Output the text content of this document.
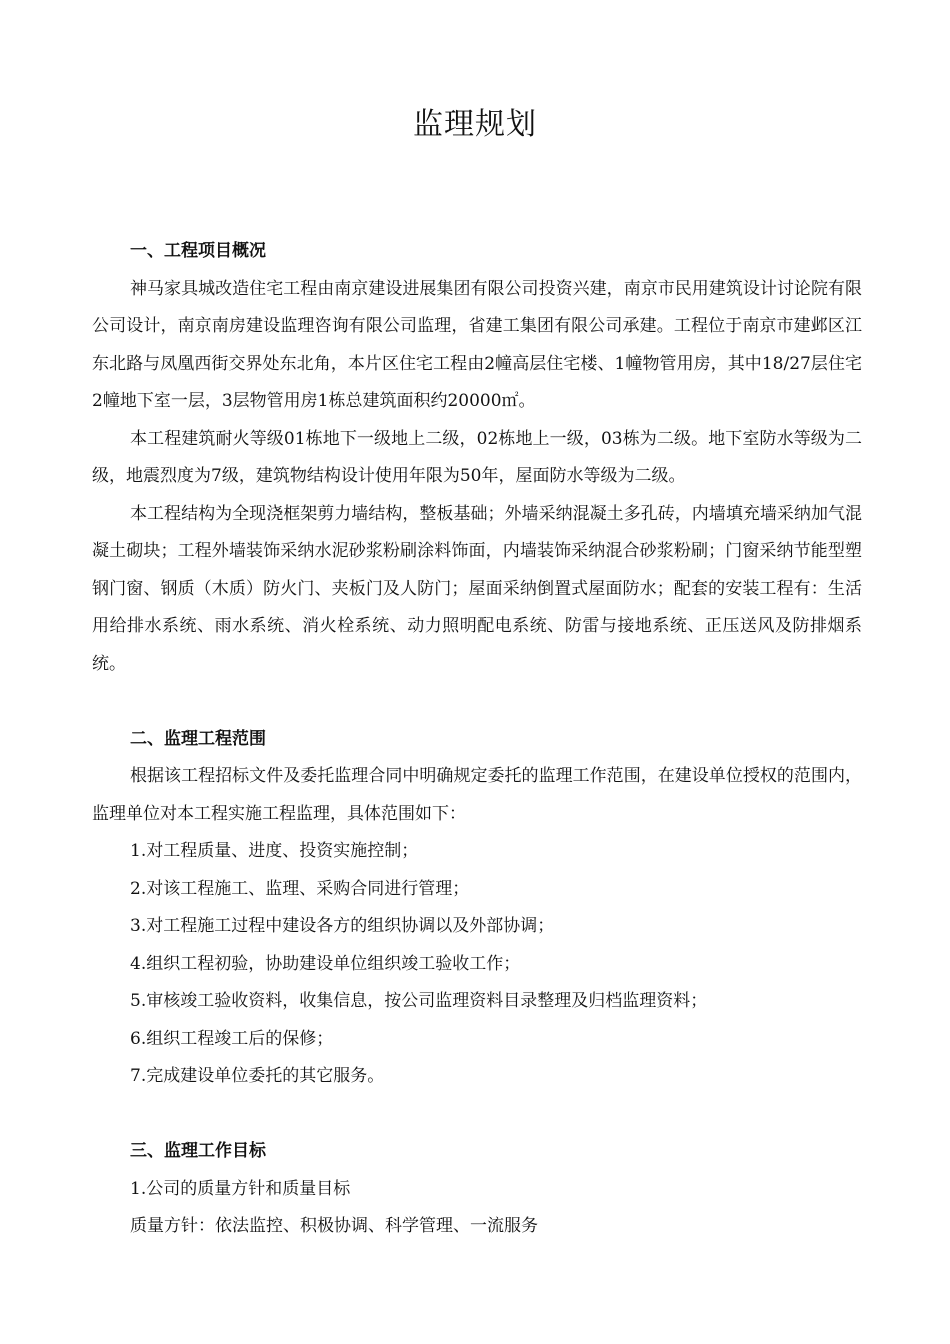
监理规划

一、工程项目概况

神马家具城改造住宅工程由南京建设进展集团有限公司投资兴建，南京市民用建筑设计讨论院有限公司设计，南京南房建设监理咨询有限公司监理，省建工集团有限公司承建。工程位于南京市建邺区江东北路与凤凰西街交界处东北角，本片区住宅工程由2幢高层住宅楼、1幢物管用房，其中18/27层住宅2幢地下室一层，3层物管用房1栋总建筑面积约20000㎡。

本工程建筑耐火等级01栋地下一级地上二级，02栋地上一级，03栋为二级。地下室防水等级为二级，地震烈度为7级，建筑物结构设计使用年限为50年，屋面防水等级为二级。

本工程结构为全现浇框架剪力墙结构，整板基础；外墙采纳混凝土多孔砖，内墙填充墙采纳加气混凝土砌块；工程外墙装饰采纳水泥砂浆粉刷涂料饰面，内墙装饰采纳混合砂浆粉刷；门窗采纳节能型塑钢门窗、钢质（木质）防火门、夹板门及人防门；屋面采纳倒置式屋面防水；配套的安装工程有：生活用给排水系统、雨水系统、消火栓系统、动力照明配电系统、防雷与接地系统、正压送风及防排烟系统。

二、监理工程范围

根据该工程招标文件及委托监理合同中明确规定委托的监理工作范围，在建设单位授权的范围内，监理单位对本工程实施工程监理，具体范围如下：

1.对工程质量、进度、投资实施控制；

2.对该工程施工、监理、采购合同进行管理；

3.对工程施工过程中建设各方的组织协调以及外部协调；

4.组织工程初验，协助建设单位组织竣工验收工作；

5.审核竣工验收资料，收集信息，按公司监理资料目录整理及归档监理资料；

6.组织工程竣工后的保修；

7.完成建设单位委托的其它服务。

三、监理工作目标

1.公司的质量方针和质量目标

质量方针：依法监控、积极协调、科学管理、一流服务
